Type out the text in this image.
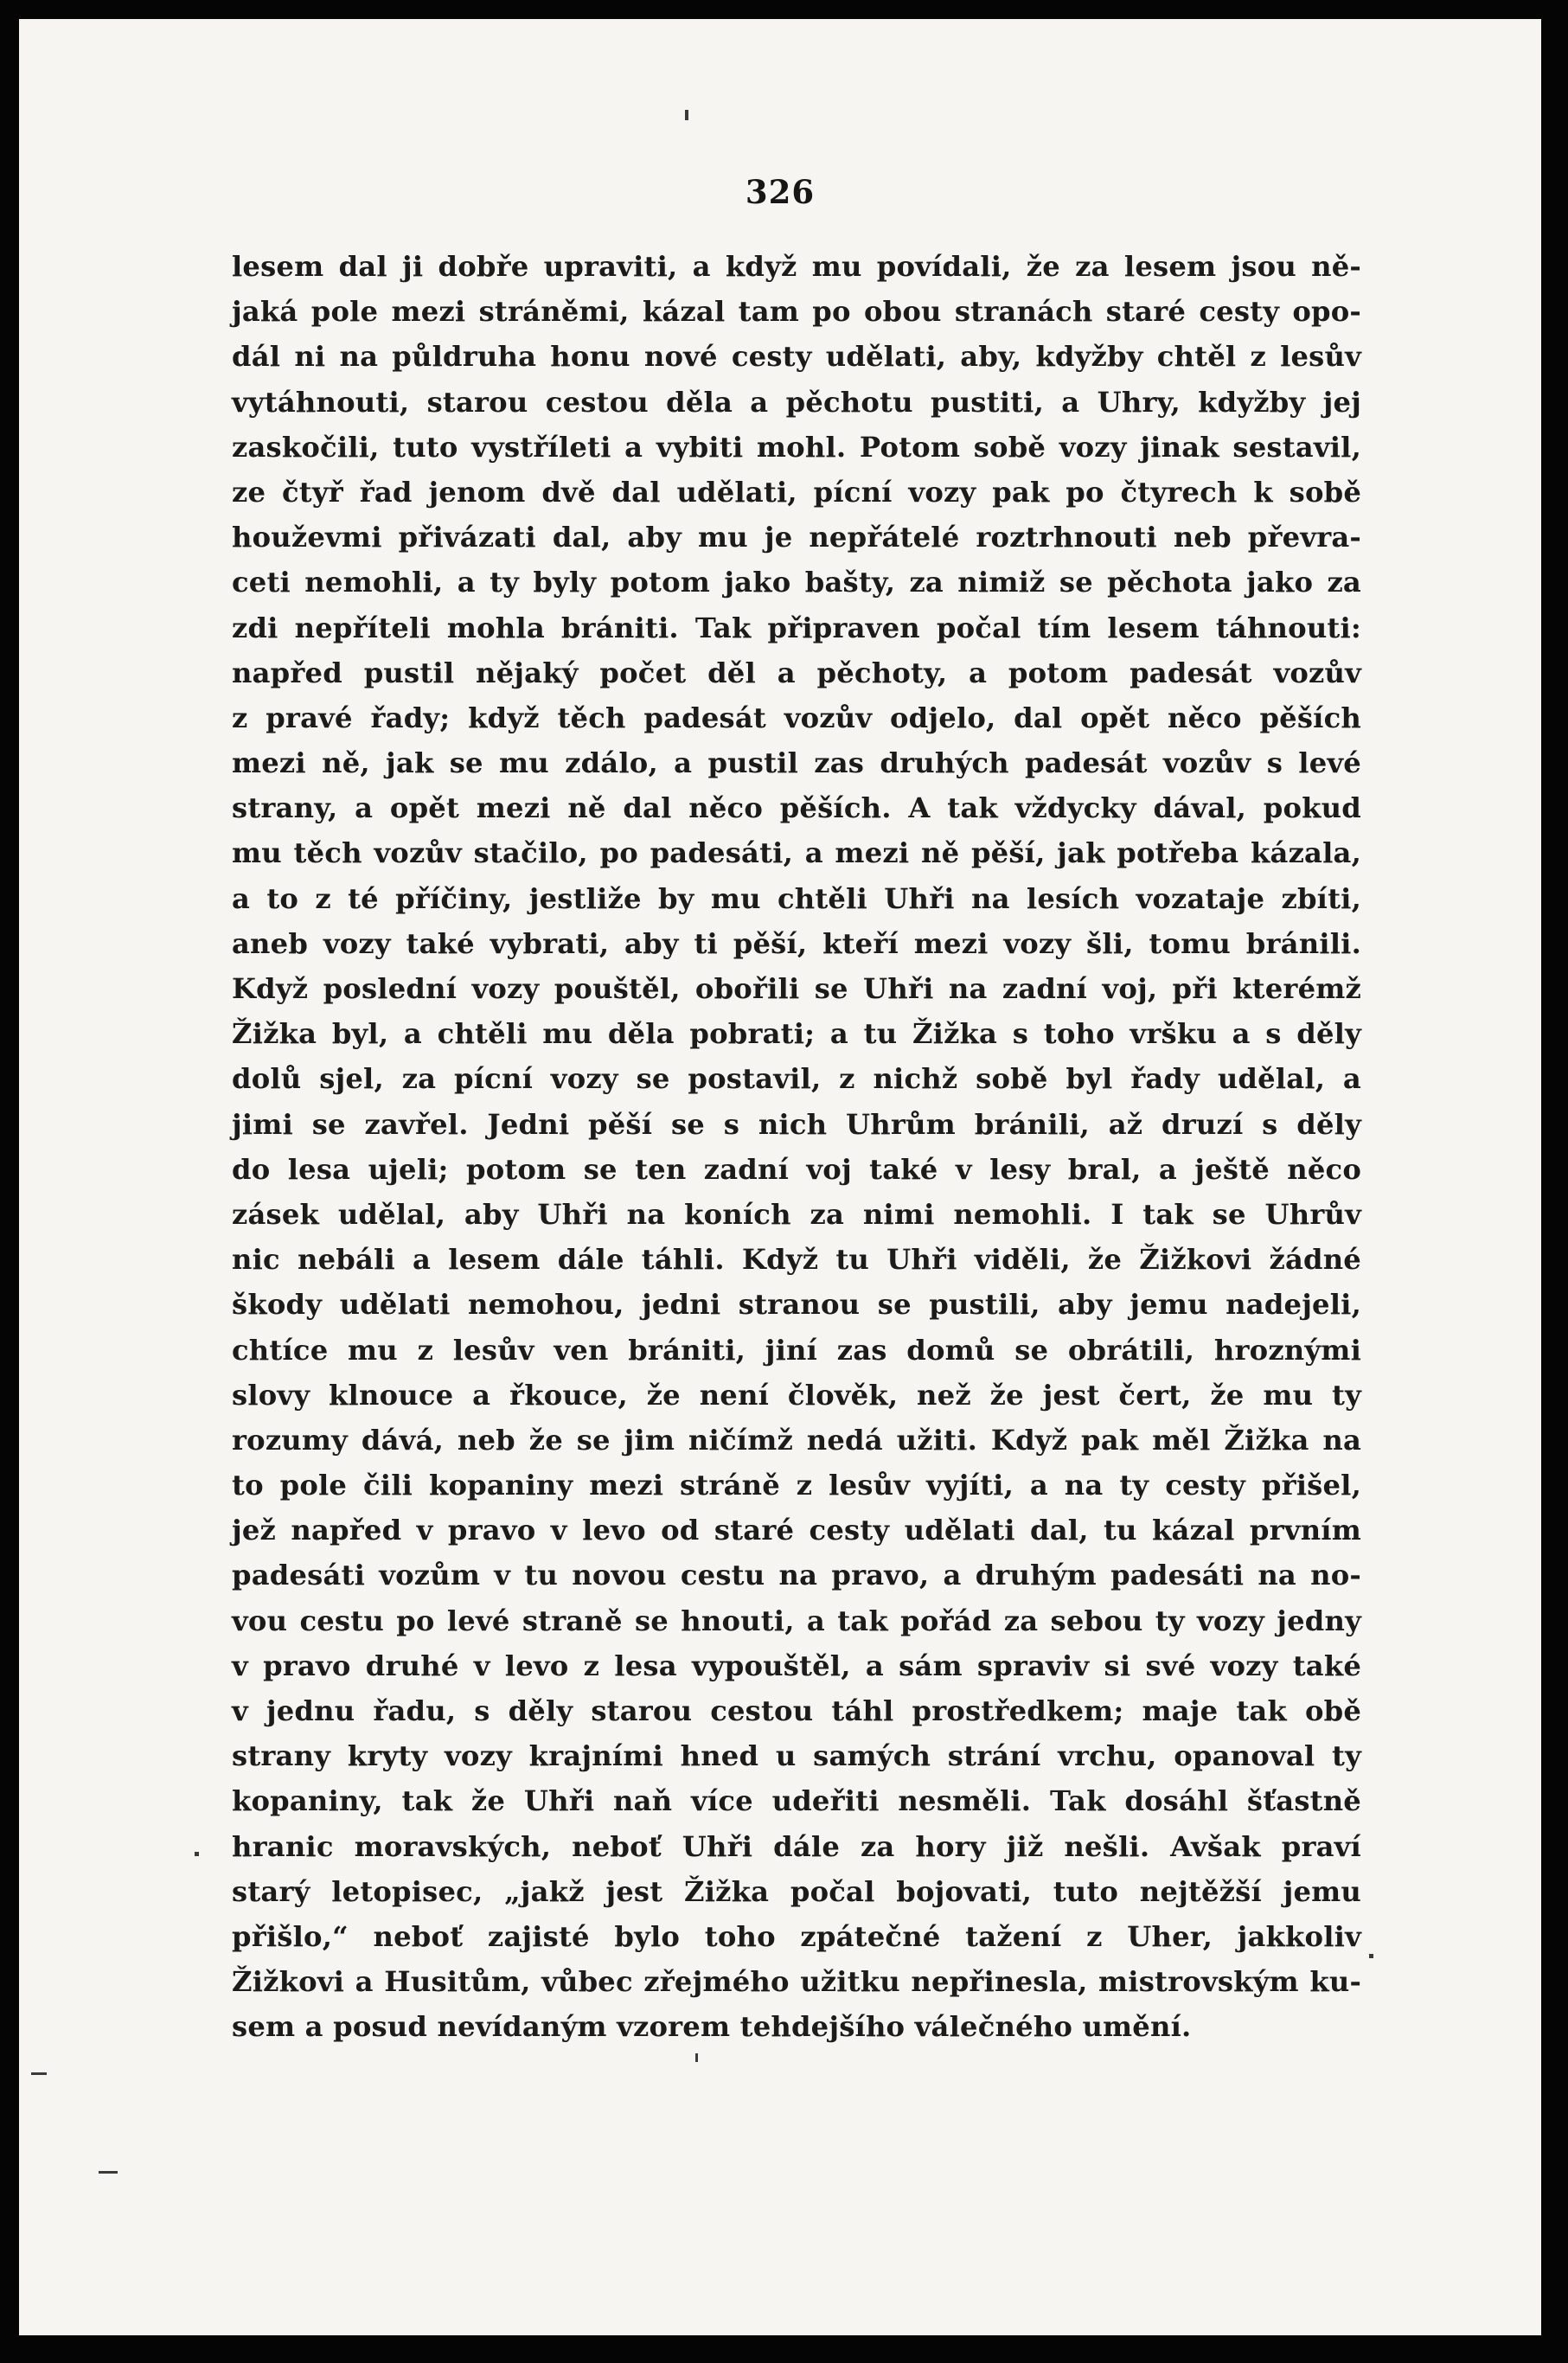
326
lesem dal ji dobře upraviti, a když mu povídali, že za lesem jsou ně-
jaká pole mezi stráněmi, kázal tam po obou stranách staré cesty opo-
dál ni na půldruha honu nové cesty udělati, aby, kdyžby chtěl z lesův
vytáhnouti, starou cestou děla a pěchotu pustiti, a Uhry, kdyžby jej
zaskočili, tuto vystříleti a vybiti mohl. Potom sobě vozy jinak sestavil,
ze čtyř řad jenom dvě dal udělati, pícní vozy pak po čtyrech k sobě
houževmi přivázati dal, aby mu je nepřátelé roztrhnouti neb převra-
ceti nemohli, a ty byly potom jako bašty, za nimiž se pěchota jako za
zdi nepříteli mohla brániti. Tak připraven počal tím lesem táhnouti:
napřed pustil nějaký počet děl a pěchoty, a potom padesát vozův
z pravé řady; když těch padesát vozův odjelo, dal opět něco pěších
mezi ně, jak se mu zdálo, a pustil zas druhých padesát vozův s levé
strany, a opět mezi ně dal něco pěších. A tak vždycky dával, pokud
mu těch vozův stačilo, po padesáti, a mezi ně pěší, jak potřeba kázala,
a to z té příčiny, jestliže by mu chtěli Uhři na lesích vozataje zbíti,
aneb vozy také vybrati, aby ti pěší, kteří mezi vozy šli, tomu bránili.
Když poslední vozy pouštěl, obořili se Uhři na zadní voj, při kterémž
Žižka byl, a chtěli mu děla pobrati; a tu Žižka s toho vršku a s děly
dolů sjel, za pícní vozy se postavil, z nichž sobě byl řady udělal, a
jimi se zavřel. Jedni pěší se s nich Uhrům bránili, až druzí s děly
do lesa ujeli; potom se ten zadní voj také v lesy bral, a ještě něco
zásek udělal, aby Uhři na koních za nimi nemohli. I tak se Uhrův
nic nebáli a lesem dále táhli. Když tu Uhři viděli, že Žižkovi žádné
škody udělati nemohou, jedni stranou se pustili, aby jemu nadejeli,
chtíce mu z lesův ven brániti, jiní zas domů se obrátili, hroznými
slovy klnouce a řkouce, že není člověk, než že jest čert, že mu ty
rozumy dává, neb že se jim ničímž nedá užiti. Když pak měl Žižka na
to pole čili kopaniny mezi stráně z lesův vyjíti, a na ty cesty přišel,
jež napřed v pravo v levo od staré cesty udělati dal, tu kázal prvním
padesáti vozům v tu novou cestu na pravo, a druhým padesáti na no-
vou cestu po levé straně se hnouti, a tak pořád za sebou ty vozy jedny
v pravo druhé v levo z lesa vypouštěl, a sám spraviv si své vozy také
v jednu řadu, s děly starou cestou táhl prostředkem; maje tak obě
strany kryty vozy krajními hned u samých strání vrchu, opanoval ty
kopaniny, tak že Uhři naň více udeřiti nesměli. Tak dosáhl šťastně
hranic moravských, neboť Uhři dále za hory již nešli. Avšak praví
starý letopisec, „jakž jest Žižka počal bojovati, tuto nejtěžší jemu
přišlo,“ neboť zajisté bylo toho zpátečné tažení z Uher, jakkoliv
Žižkovi a Husitům, vůbec zřejmého užitku nepřinesla, mistrovským ku-
sem a posud nevídaným vzorem tehdejšího válečného umění.
